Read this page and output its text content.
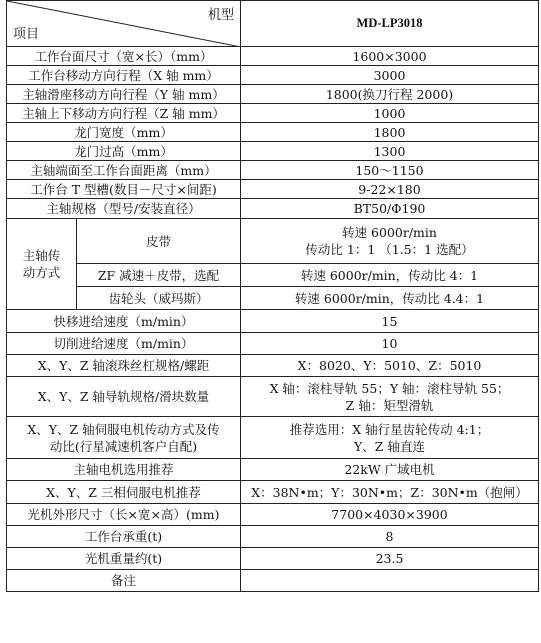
机型
项目		MD-LP3018
工作台面尺寸（宽×长）（mm）		1600×3000
工作台移动方向行程（X 轴 mm）		3000
主轴滑座移动方向行程（Y 轴 mm）		1800(换刀行程 2000)
主轴上下移动方向行程（Z 轴 mm）		1000
龙门宽度（mm）		1800
龙门过高（mm）		1300
主轴端面至工作台面距离（mm）		150～1150
工作台 T 型槽(数目－尺寸×间距)		9-22×180
主轴规格（型号/安装直径）		BT50/Φ190

主轴传
动方式	皮带	转速 6000r/min
传动比 1：1 （1.5：1 选配）

	ZF 减速＋皮带，选配	转速 6000r/min，传动比 4：1
	齿轮头（威玛斯）	转速 6000r/min，传动比 4.4：1
快移进给速度（m/min）		15
切削进给速度（m/min）		10
X、Y、Z 轴滚珠丝杠规格/螺距		X：8020、Y：5010、Z：5010
X、Y、Z 轴导轨规格/滑块数量		X 轴：滚柱导轨 55；Y 轴：滚柱导轨 55；
Z 轴：矩型滑轨

X、Y、Z 轴伺服电机传动方式及传
动比(行星减速机客户自配)		推荐选用：X 轴行星齿轮传动 4:1；
Y、Z 轴直连

主轴电机选用推荐		22kW 广域电机
X、Y、Z 三相伺服电机推荐		X：38N•m；Y：30N•m；Z：30N•m（抱闸）
光机外形尺寸（长×宽×高）(mm)		7700×4030×3900
工作台承重(t)		8
光机重量约(t)		23.5
备注		
